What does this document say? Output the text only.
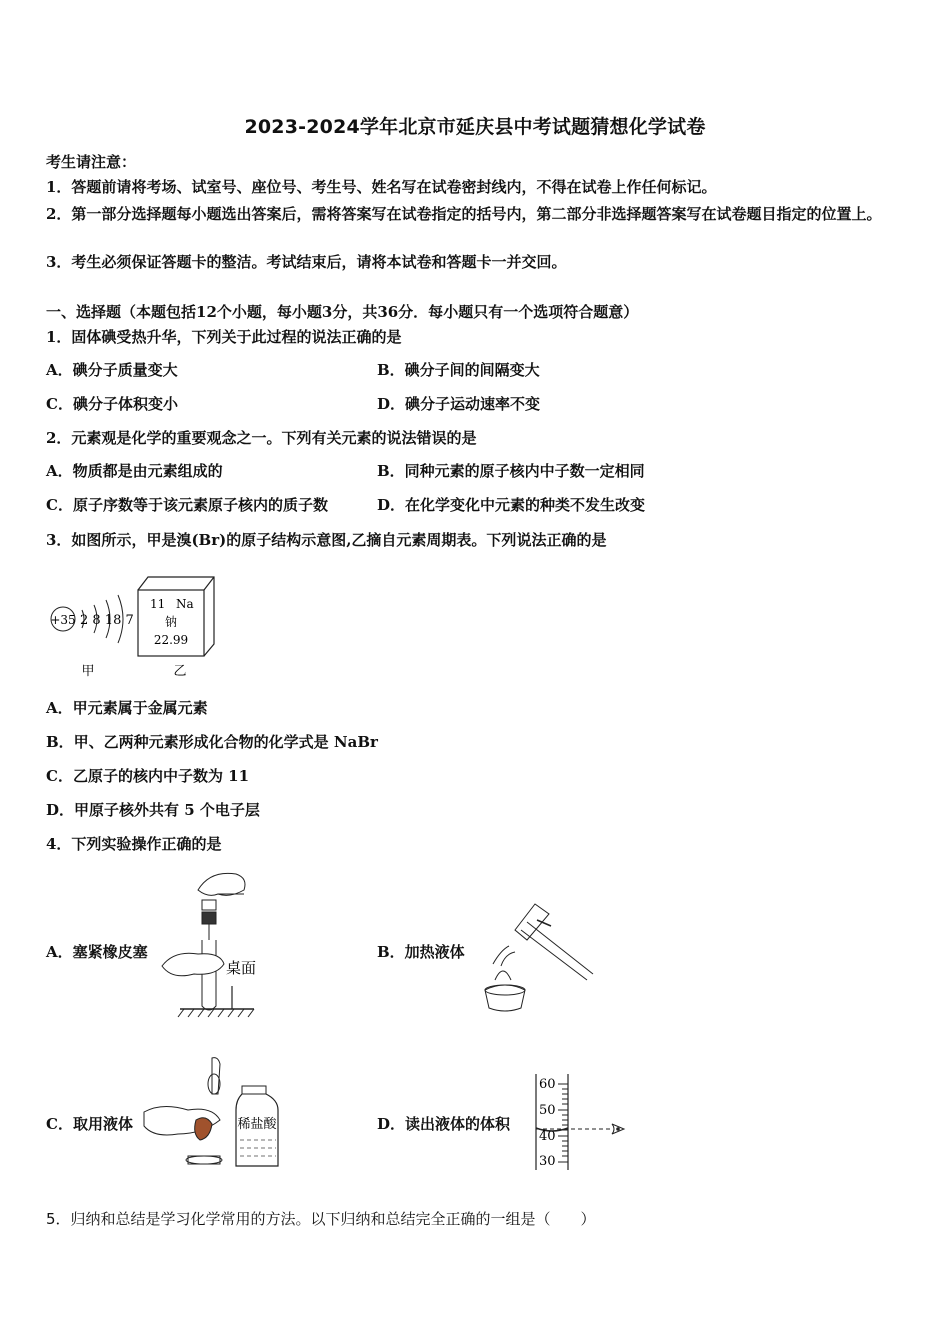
2023-2024学年北京市延庆县中考试题猜想化学试卷
考生请注意：
1．答题前请将考场、试室号、座位号、考生号、姓名写在试卷密封线内，不得在试卷上作任何标记。
2．第一部分选择题每小题选出答案后，需将答案写在试卷指定的括号内，第二部分非选择题答案写在试卷题目指定的位置上。
3．考生必须保证答题卡的整洁。考试结束后，请将本试卷和答题卡一并交回。
一、选择题（本题包括12个小题，每小题3分，共36分．每小题只有一个选项符合题意）
1．固体碘受热升华，下列关于此过程的说法正确的是
A．碘分子质量变大	B．碘分子间的间隔变大
C．碘分子体积变小	D．碘分子运动速率不变
2．元素观是化学的重要观念之一。下列有关元素的说法错误的是
A．物质都是由元素组成的	B．同种元素的原子核内中子数一定相同
C．原子序数等于该元素原子核内的质子数	D．在化学变化中元素的种类不发生改变
3．如图所示，甲是溴(Br)的原子结构示意图,乙摘自元素周期表。下列说法正确的是
+35 2 8 18 7
甲
11 Na
钠
22.99
乙
A．甲元素属于金属元素
B．甲、乙两种元素形成化合物的化学式是 NaBr
C．乙原子的核内中子数为 11
D．甲原子核外共有 5 个电子层
4．下列实验操作正确的是
A．塞紧橡皮塞
桌面
B．加热液体
C．取用液体	稀盐酸	D．读出液体的体积
60
50
40
30
5．归纳和总结是学习化学常用的方法。以下归纳和总结完全正确的一组是（　　）
